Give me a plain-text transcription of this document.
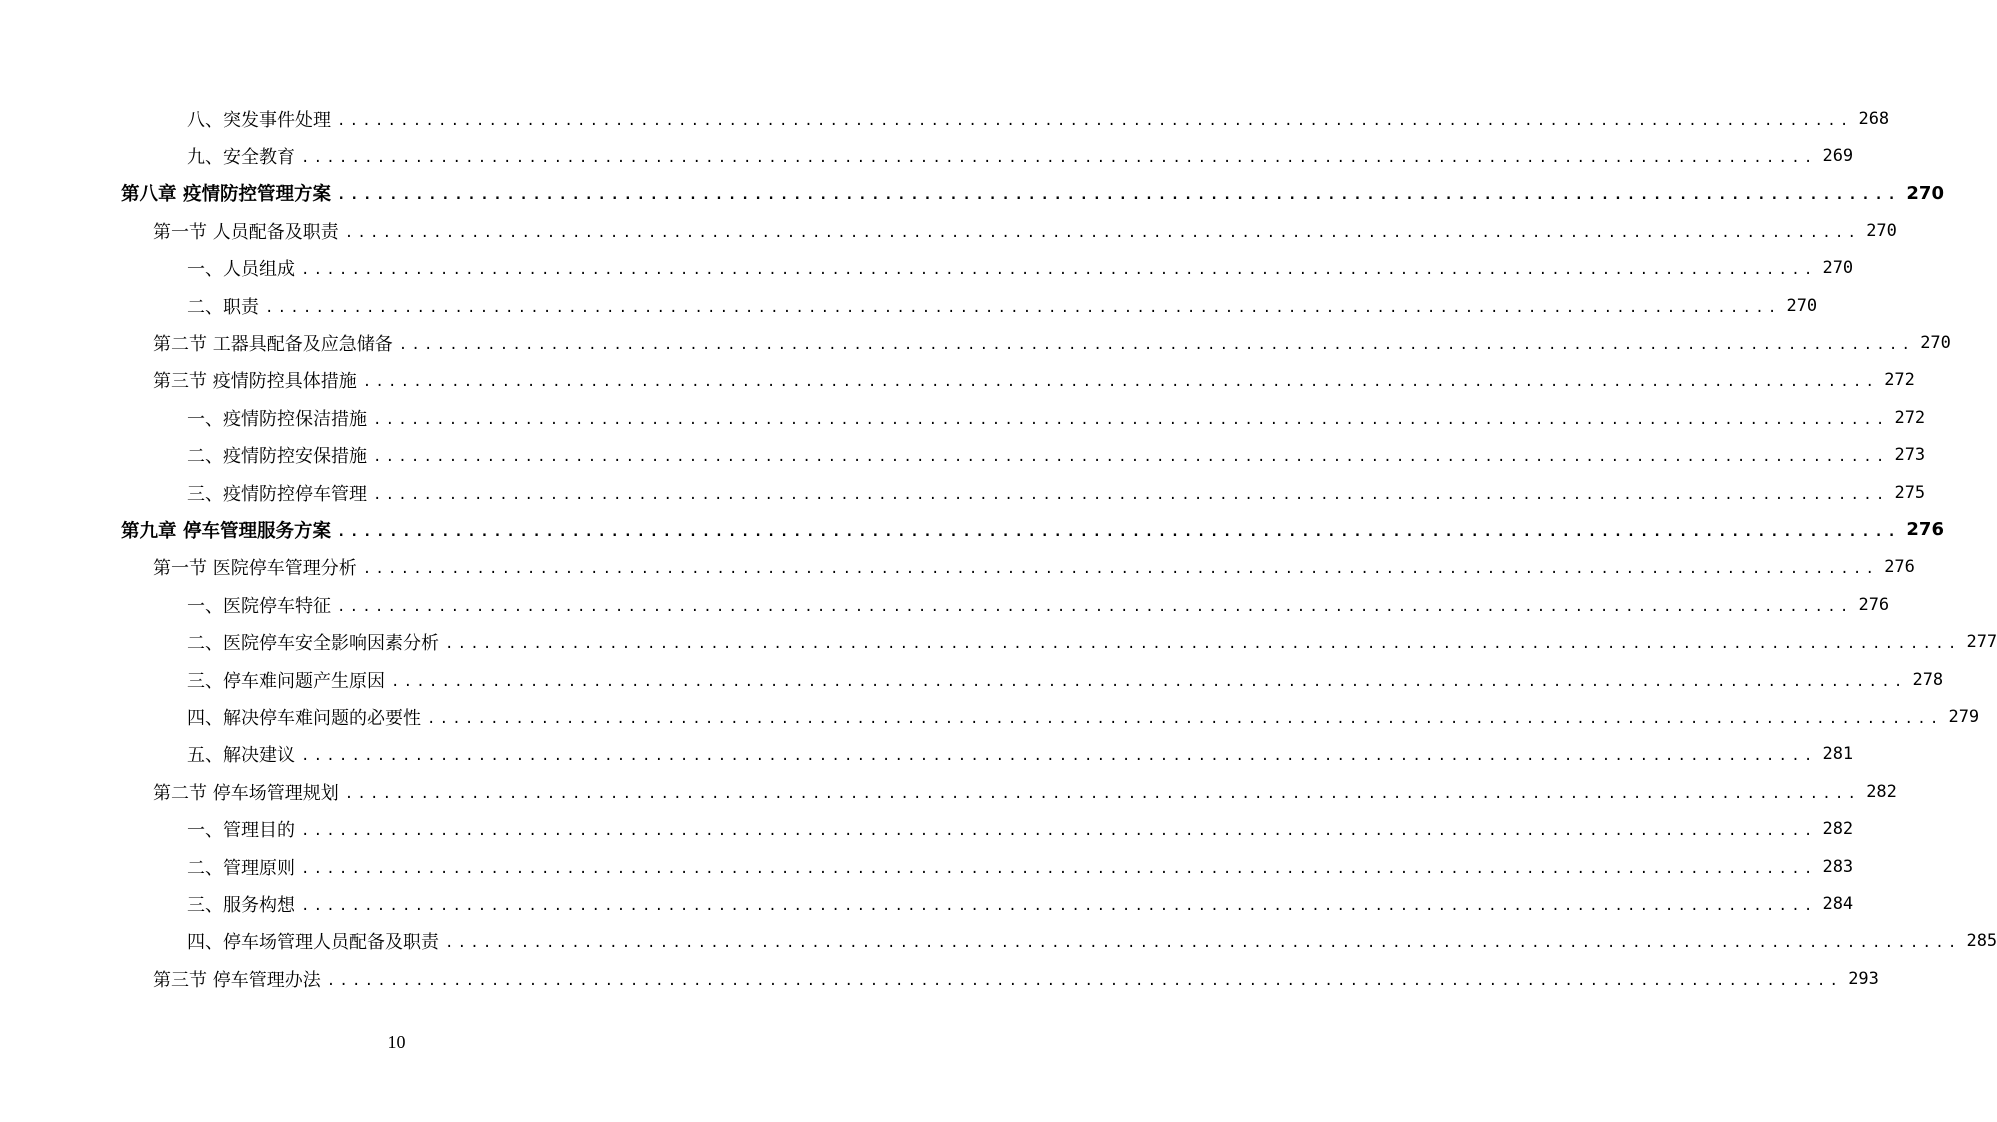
八、突发事件处理 ........................................................................................................................ 268
九、安全教育 ........................................................................................................................ 269
第八章 疫情防控管理方案 ........................................................................................................................ 270
第一节 人员配备及职责 ........................................................................................................................ 270
一、人员组成 ........................................................................................................................ 270
二、职责 ........................................................................................................................ 270
第二节 工器具配备及应急储备 ........................................................................................................................ 270
第三节 疫情防控具体措施 ........................................................................................................................ 272
一、疫情防控保洁措施 ........................................................................................................................ 272
二、疫情防控安保措施 ........................................................................................................................ 273
三、疫情防控停车管理 ........................................................................................................................ 275
第九章 停车管理服务方案 ........................................................................................................................ 276
第一节 医院停车管理分析 ........................................................................................................................ 276
一、医院停车特征 ........................................................................................................................ 276
二、医院停车安全影响因素分析 ........................................................................................................................ 277
三、停车难问题产生原因 ........................................................................................................................ 278
四、解决停车难问题的必要性 ........................................................................................................................ 279
五、解决建议 ........................................................................................................................ 281
第二节 停车场管理规划 ........................................................................................................................ 282
一、管理目的 ........................................................................................................................ 282
二、管理原则 ........................................................................................................................ 283
三、服务构想 ........................................................................................................................ 284
四、停车场管理人员配备及职责 ........................................................................................................................ 285
第三节 停车管理办法 ........................................................................................................................ 293
10
